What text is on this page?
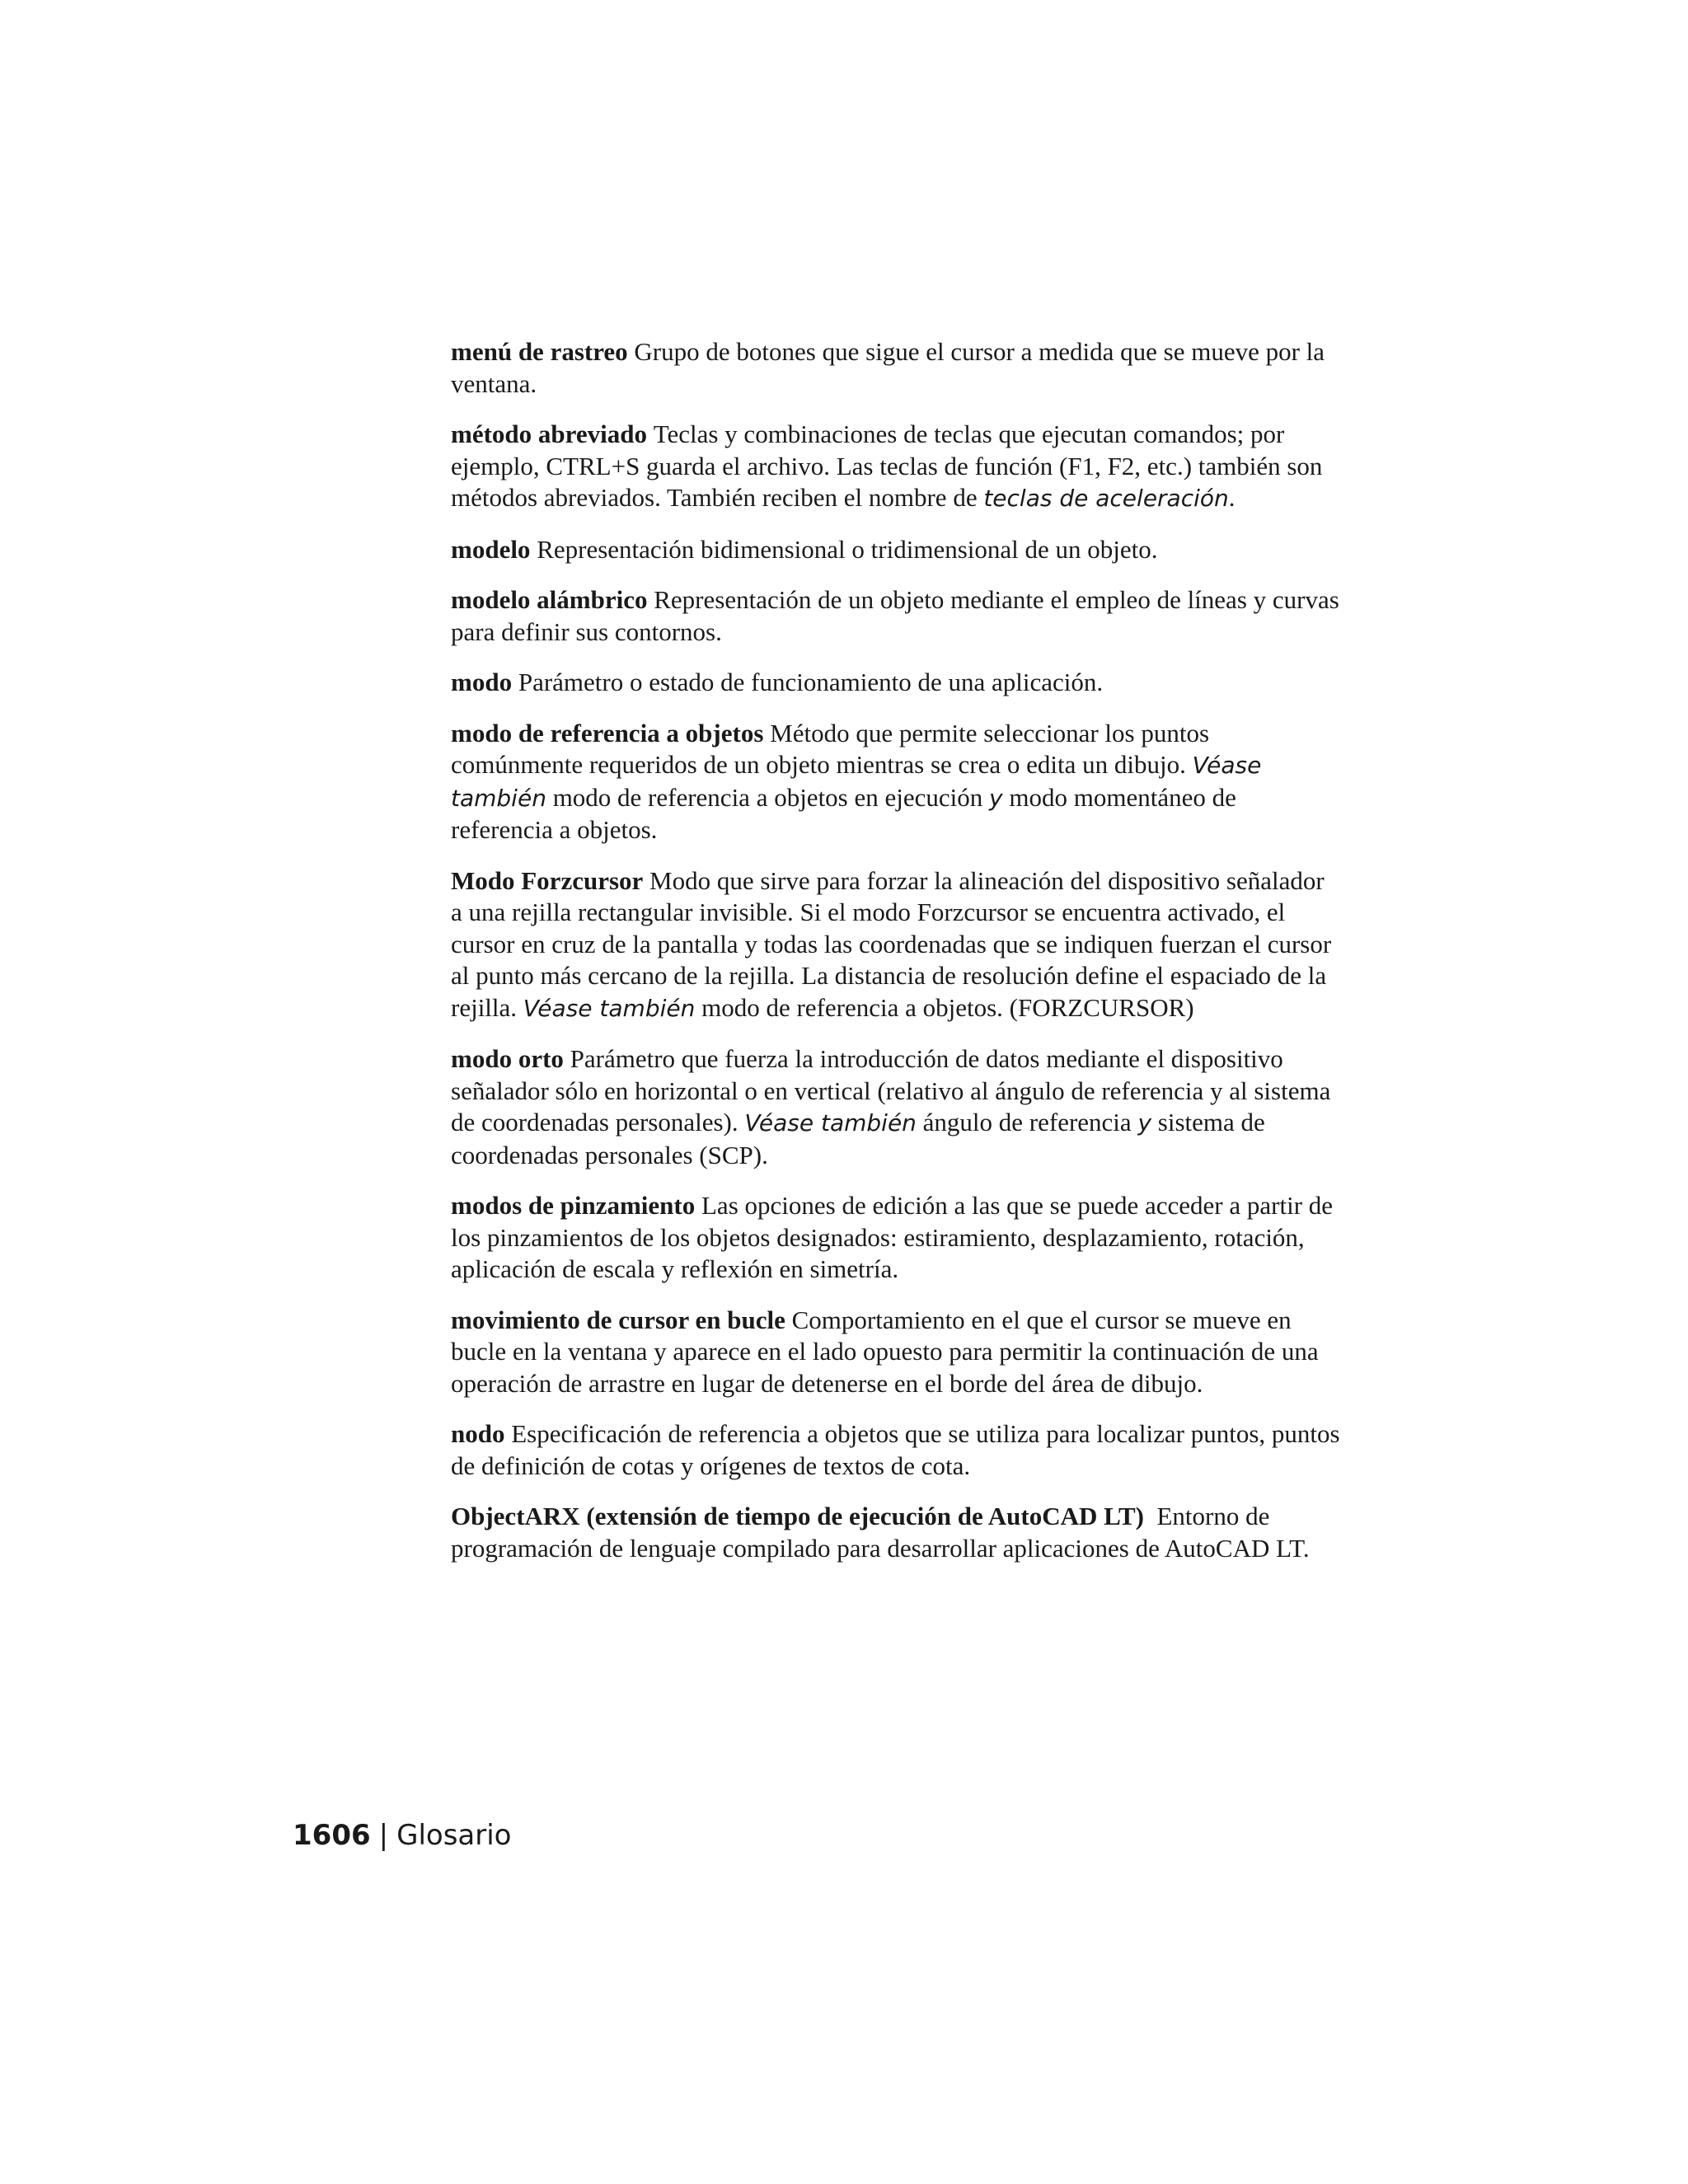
menú de rastreo Grupo de botones que sigue el cursor a medida que se mueve por la ventana.

método abreviado Teclas y combinaciones de teclas que ejecutan comandos; por ejemplo, CTRL+S guarda el archivo. Las teclas de función (F1, F2, etc.) también son métodos abreviados. También reciben el nombre de teclas de aceleración.

modelo Representación bidimensional o tridimensional de un objeto.

modelo alámbrico Representación de un objeto mediante el empleo de líneas y curvas para definir sus contornos.

modo Parámetro o estado de funcionamiento de una aplicación.

modo de referencia a objetos Método que permite seleccionar los puntos comúnmente requeridos de un objeto mientras se crea o edita un dibujo. Véase también modo de referencia a objetos en ejecución y modo momentáneo de referencia a objetos.

Modo Forzcursor Modo que sirve para forzar la alineación del dispositivo señalador a una rejilla rectangular invisible. Si el modo Forzcursor se encuentra activado, el cursor en cruz de la pantalla y todas las coordenadas que se indiquen fuerzan el cursor al punto más cercano de la rejilla. La distancia de resolución define el espaciado de la rejilla. Véase también modo de referencia a objetos. (FORZCURSOR)

modo orto Parámetro que fuerza la introducción de datos mediante el dispositivo señalador sólo en horizontal o en vertical (relativo al ángulo de referencia y al sistema de coordenadas personales). Véase también ángulo de referencia y sistema de coordenadas personales (SCP).

modos de pinzamiento Las opciones de edición a las que se puede acceder a partir de los pinzamientos de los objetos designados: estiramiento, desplazamiento, rotación, aplicación de escala y reflexión en simetría.

movimiento de cursor en bucle Comportamiento en el que el cursor se mueve en bucle en la ventana y aparece en el lado opuesto para permitir la continuación de una operación de arrastre en lugar de detenerse en el borde del área de dibujo.

nodo Especificación de referencia a objetos que se utiliza para localizar puntos, puntos de definición de cotas y orígenes de textos de cota.

ObjectARX (extensión de tiempo de ejecución de AutoCAD LT) Entorno de programación de lenguaje compilado para desarrollar aplicaciones de AutoCAD LT.

1606 | Glosario
